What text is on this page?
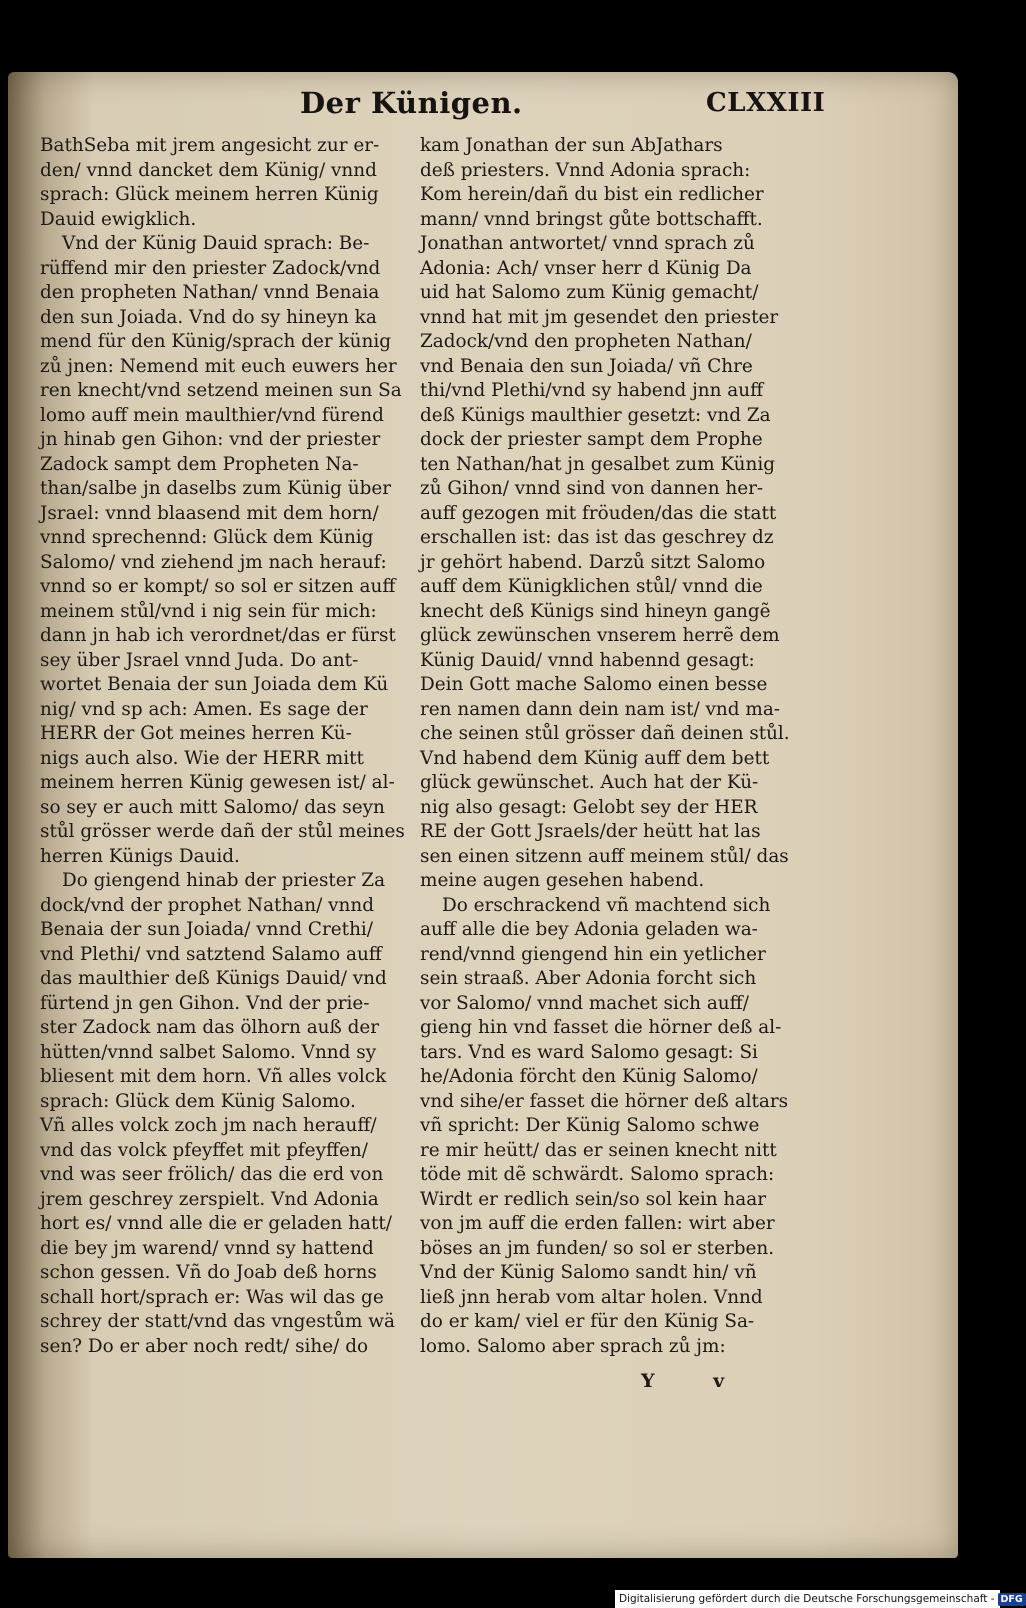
Der Künigen.	CLXXIII
BathSeba mit jrem angesicht zur er-
den/ vnnd dancket dem Künig/ vnnd
sprach: Glück meinem herren Künig
Dauid ewigklich.
Vnd der Künig Dauid sprach: Be-
rüffend mir den priester Zadock/vnd
den propheten Nathan/ vnnd Benaia
den sun Joiada. Vnd do sy hineyn ka
mend für den Künig/sprach der künig
zů jnen: Nemend mit euch euwers her
ren knecht/vnd setzend meinen sun Sa
lomo auff mein maulthier/vnd fürend
jn hinab gen Gihon: vnd der priester
Zadock sampt dem Propheten Na-
than/salbe jn daselbs zum Künig über
Jsrael: vnnd blaasend mit dem horn/
vnnd sprechennd: Glück dem Künig
Salomo/ vnd ziehend jm nach herauf:
vnnd so er kompt/ so sol er sitzen auff
meinem stůl/vnd i nig sein für mich:
dann jn hab ich verordnet/das er fürst
sey über Jsrael vnnd Juda. Do ant-
wortet Benaia der sun Joiada dem Kü
nig/ vnd sp ach: Amen. Es sage der
HERR der Got meines herren Kü-
nigs auch also. Wie der HERR mitt
meinem herren Künig gewesen ist/ al-
so sey er auch mitt Salomo/ das seyn
stůl grösser werde dañ der stůl meines
herren Künigs Dauid.
Do giengend hinab der priester Za
dock/vnd der prophet Nathan/ vnnd
Benaia der sun Joiada/ vnnd Crethi/
vnd Plethi/ vnd satztend Salamo auff
das maulthier deß Künigs Dauid/ vnd
fürtend jn gen Gihon. Vnd der prie-
ster Zadock nam das ölhorn auß der
hütten/vnnd salbet Salomo. Vnnd sy
bliesent mit dem horn. Vñ alles volck
sprach: Glück dem Künig Salomo.
Vñ alles volck zoch jm nach herauff/
vnd das volck pfeyffet mit pfeyffen/
vnd was seer frölich/ das die erd von
jrem geschrey zerspielt. Vnd Adonia
hort es/ vnnd alle die er geladen hatt/
die bey jm warend/ vnnd sy hattend
schon gessen. Vñ do Joab deß horns
schall hort/sprach er: Was wil das ge
schrey der statt/vnd das vngestům wä
sen? Do er aber noch redt/ sihe/ do
kam Jonathan der sun AbJathars
deß priesters. Vnnd Adonia sprach:
Kom herein/dañ du bist ein redlicher
mann/ vnnd bringst gůte bottschafft.
Jonathan antwortet/ vnnd sprach zů
Adonia: Ach/ vnser herr d Künig Da
uid hat Salomo zum Künig gemacht/
vnnd hat mit jm gesendet den priester
Zadock/vnd den propheten Nathan/
vnd Benaia den sun Joiada/ vñ Chre
thi/vnd Plethi/vnd sy habend jnn auff
deß Künigs maulthier gesetzt: vnd Za
dock der priester sampt dem Prophe
ten Nathan/hat jn gesalbet zum Künig
zů Gihon/ vnnd sind von dannen her-
auff gezogen mit fröuden/das die statt
erschallen ist: das ist das geschrey dz
jr gehört habend. Darzů sitzt Salomo
auff dem Künigklichen stůl/ vnnd die
knecht deß Künigs sind hineyn gangẽ
glück zewünschen vnserem herrẽ dem
Künig Dauid/ vnnd habennd gesagt:
Dein Gott mache Salomo einen besse
ren namen dann dein nam ist/ vnd ma-
che seinen stůl grösser dañ deinen stůl.
Vnd habend dem Künig auff dem bett
glück gewünschet. Auch hat der Kü-
nig also gesagt: Gelobt sey der HER
RE der Gott Jsraels/der heütt hat las
sen einen sitzenn auff meinem stůl/ das
meine augen gesehen habend.
Do erschrackend vñ machtend sich
auff alle die bey Adonia geladen wa-
rend/vnnd giengend hin ein yetlicher
sein straaß. Aber Adonia forcht sich
vor Salomo/ vnnd machet sich auff/
gieng hin vnd fasset die hörner deß al-
tars. Vnd es ward Salomo gesagt: Si
he/Adonia förcht den Künig Salomo/
vnd sihe/er fasset die hörner deß altars
vñ spricht: Der Künig Salomo schwe
re mir heütt/ das er seinen knecht nitt
töde mit dẽ schwärdt. Salomo sprach:
Wirdt er redlich sein/so sol kein haar
von jm auff die erden fallen: wirt aber
böses an jm funden/ so sol er sterben.
Vnd der Künig Salomo sandt hin/ vñ
ließ jnn herab vom altar holen. Vnnd
do er kam/ viel er für den Künig Sa-
lomo. Salomo aber sprach zů jm:
Y v
Digitalisierung gefördert durch die Deutsche Forschungsgemeinschaft - DFG
